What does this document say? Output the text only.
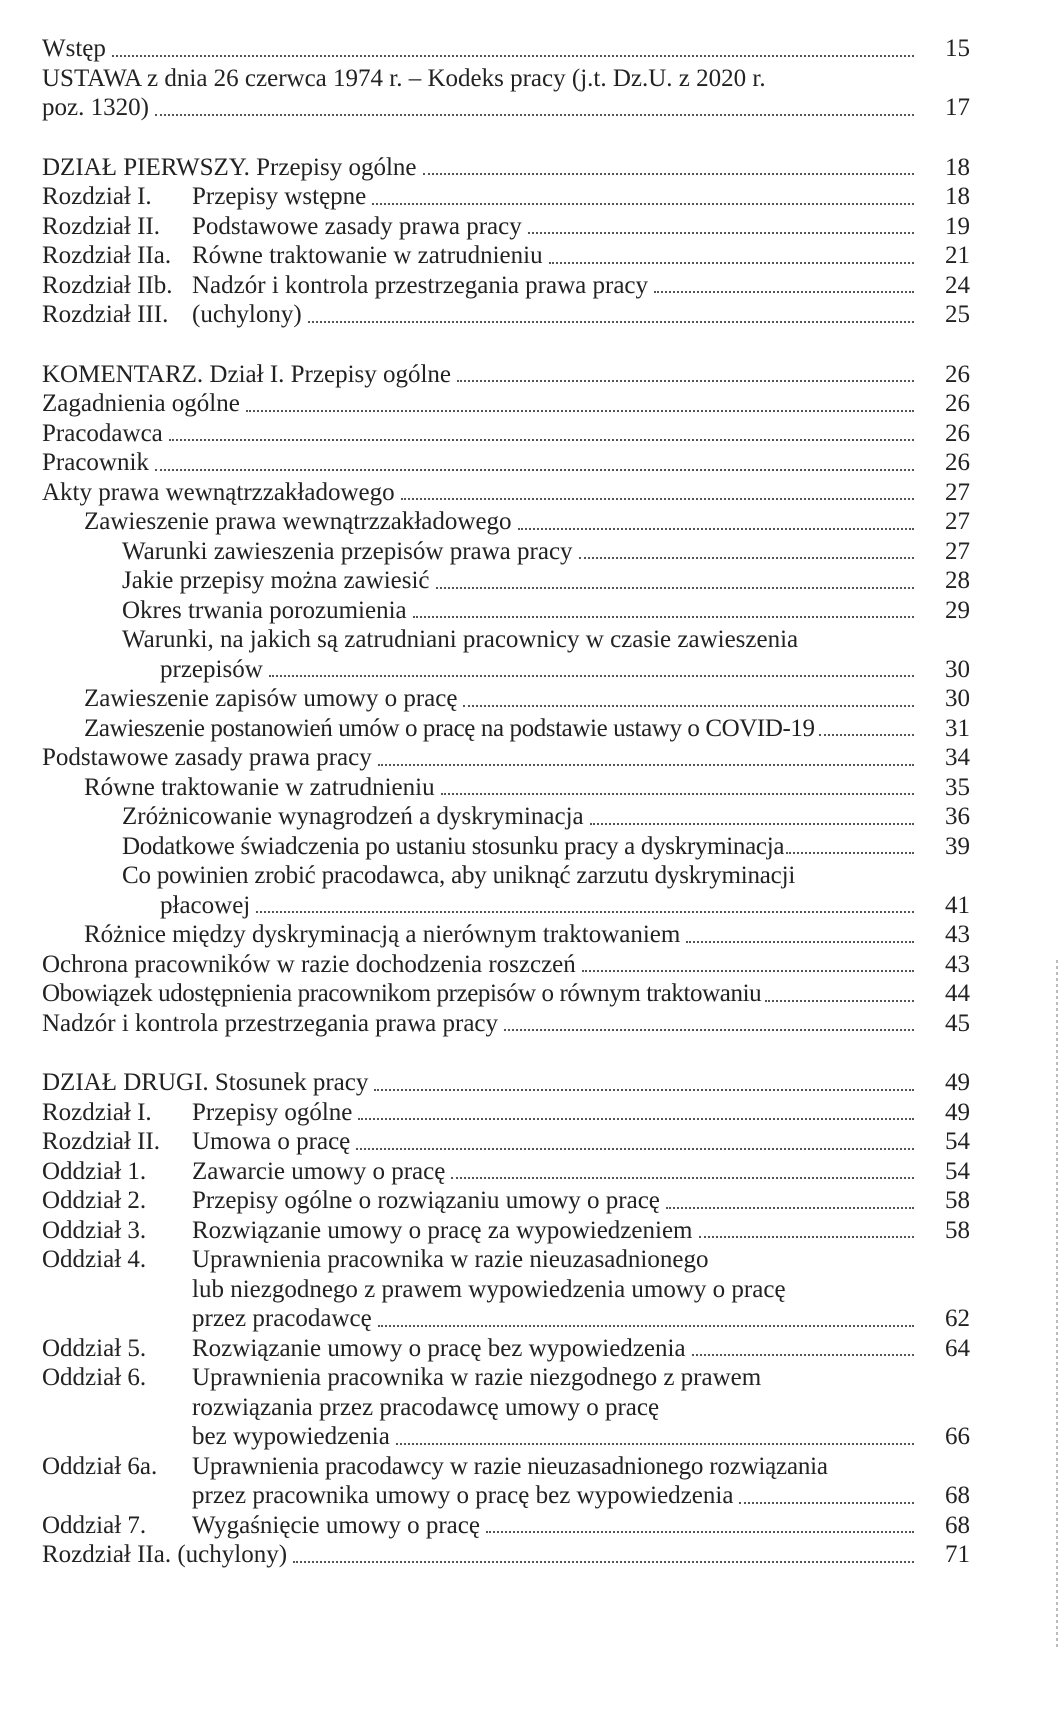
Wstęp	15
USTAWA z dnia 26 czerwca 1974 r. – Kodeks pracy (j.t. Dz.U. z 2020 r.
poz. 1320)	17
DZIAŁ PIERWSZY. Przepisy ogólne	18
Rozdział I.	Przepisy wstępne	18
Rozdział II.	Podstawowe zasady prawa pracy	19
Rozdział IIa. Równe traktowanie w zatrudnieniu	21
Rozdział IIb. Nadzór i kontrola przestrzegania prawa pracy	24
Rozdział III. (uchylony)	25
KOMENTARZ. Dział I. Przepisy ogólne	26
Zagadnienia ogólne	26
Pracodawca	26
Pracownik	26
Akty prawa wewnątrzzakładowego	27
Zawieszenie prawa wewnątrzzakładowego	27
Warunki zawieszenia przepisów prawa pracy	27
Jakie przepisy można zawiesić	28
Okres trwania porozumienia	29
Warunki, na jakich są zatrudniani pracownicy w czasie zawieszenia
przepisów	30
Zawieszenie zapisów umowy o pracę	30
Zawieszenie postanowień umów o pracę na podstawie ustawy o COVID-19	31
Podstawowe zasady prawa pracy	34
Równe traktowanie w zatrudnieniu	35
Zróżnicowanie wynagrodzeń a dyskryminacja	36
Dodatkowe świadczenia po ustaniu stosunku pracy a dyskryminacja	39
Co powinien zrobić pracodawca, aby uniknąć zarzutu dyskryminacji
płacowej	41
Różnice między dyskryminacją a nierównym traktowaniem	43
Ochrona pracowników w razie dochodzenia roszczeń	43
Obowiązek udostępnienia pracownikom przepisów o równym traktowaniu	44
Nadzór i kontrola przestrzegania prawa pracy	45
DZIAŁ DRUGI. Stosunek pracy	49
Rozdział I.	Przepisy ogólne	49
Rozdział II.	Umowa o pracę	54
Oddział 1.	Zawarcie umowy o pracę	54
Oddział 2.	Przepisy ogólne o rozwiązaniu umowy o pracę	58
Oddział 3.	Rozwiązanie umowy o pracę za wypowiedzeniem	58
Oddział 4.	Uprawnienia pracownika w razie nieuzasadnionego
lub niezgodnego z prawem wypowiedzenia umowy o pracę
przez pracodawcę	62
Oddział 5.	Rozwiązanie umowy o pracę bez wypowiedzenia	64
Oddział 6.	Uprawnienia pracownika w razie niezgodnego z prawem
rozwiązania przez pracodawcę umowy o pracę
bez wypowiedzenia	66
Oddział 6a.	Uprawnienia pracodawcy w razie nieuzasadnionego rozwiązania
przez pracownika umowy o pracę bez wypowiedzenia	68
Oddział 7.	Wygaśnięcie umowy o pracę	68
Rozdział IIa. (uchylony)	71
